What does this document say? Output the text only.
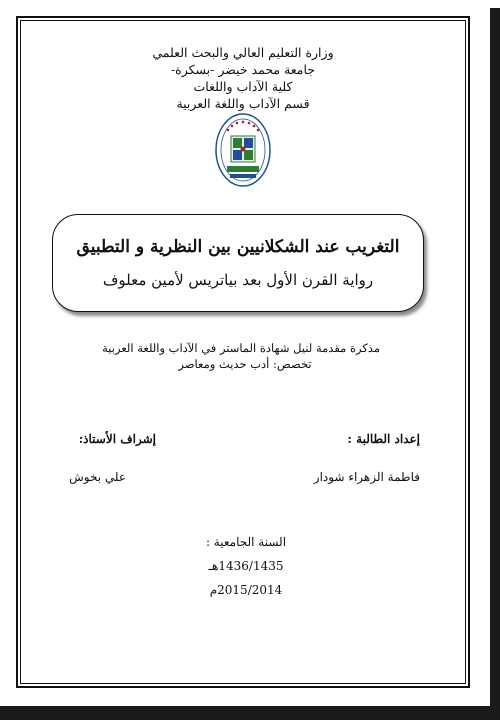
وزارة التعليم العالي والبحث العلمي
جامعة محمد خيضر -بسكرة-
كلية الآداب واللغات
قسم الآداب واللغة العربية
التغريب عند الشكلانيين بين النظرية و التطبيق
رواية القرن الأول بعد بياتريس لأمين معلوف
مذكرة مقدمة لنيل شهادة الماستر في الآداب واللغة العربية
تخصص: أدب حديث ومعاصر
إعداد الطالبة :
إشراف الأستاذ:
فاطمة الزهراء شودار
علي بخوش
السنة الجامعية :
1436/1435هـ
2015/2014م
